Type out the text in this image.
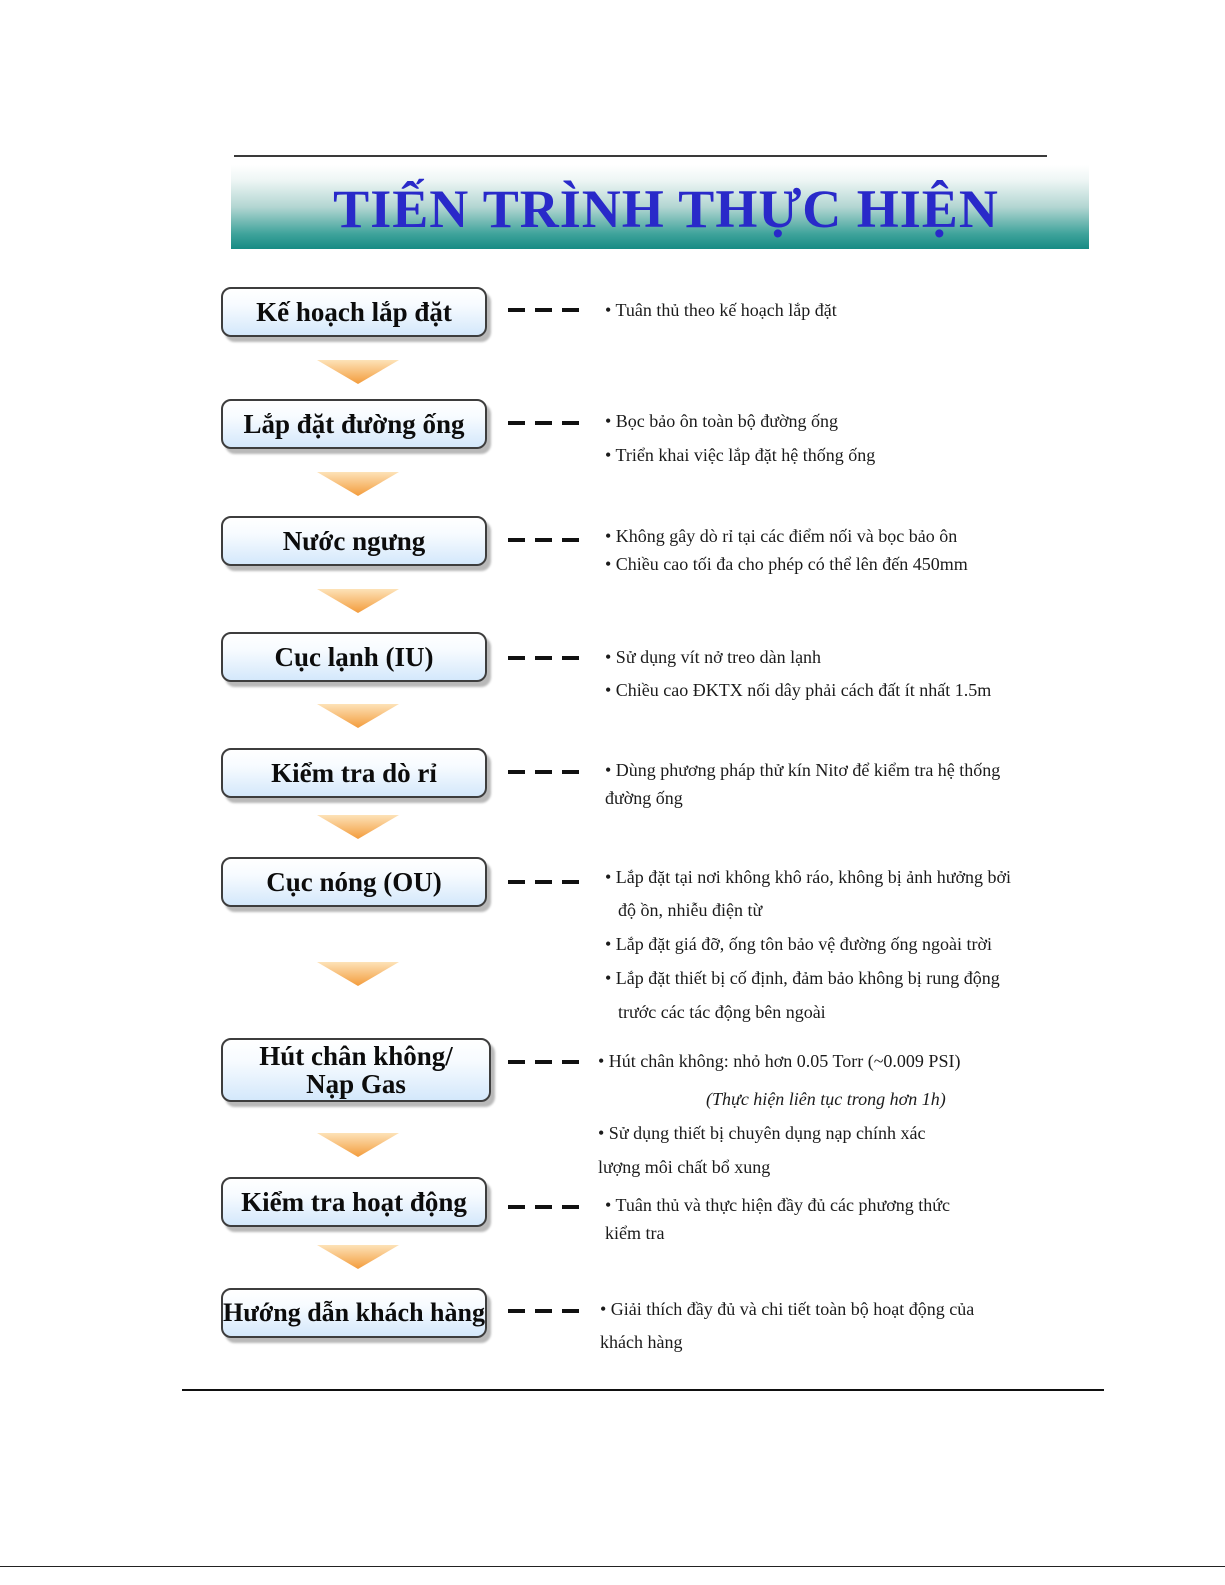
TIẾN TRÌNH THỰC HIỆN
Kế hoạch lắp đặt	• Tuân thủ theo kế hoạch lắp đặt

Lắp đặt đường ống	• Bọc bảo ôn toàn bộ đường ống

• Triển khai việc lắp đặt hệ thống ống

Nước ngưng	• Không gây dò rỉ tại các điểm nối và bọc bảo ôn

• Chiều cao tối đa cho phép có thể lên đến 450mm

Cục lạnh (IU)	• Sử dụng vít nở treo dàn lạnh

• Chiều cao ĐKTX nối dây phải cách đất ít nhất 1.5m

Kiểm tra dò rỉ	• Dùng phương pháp thử kín Nitơ để kiểm tra hệ thống

đường ống

Cục nóng (OU)	• Lắp đặt tại nơi không khô ráo, không bị ảnh hưởng bởi

độ ồn, nhiễu điện từ

• Lắp đặt giá đỡ, ống tôn bảo vệ đường ống ngoài trời

• Lắp đặt thiết bị cố định, đảm bảo không bị rung động

trước các tác động bên ngoài

Hút chân không/ Nạp Gas

• Hút chân không: nhỏ hơn 0.05 Torr (~0.009 PSI)

(Thực hiện liên tục trong hơn 1h)

• Sử dụng thiết bị chuyên dụng nạp chính xác

lượng môi chất bổ xung

Kiểm tra hoạt động	• Tuân thủ và thực hiện đầy đủ các phương thức

kiểm tra

Hướng dẫn khách hàng	• Giải thích đầy đủ và chi tiết toàn bộ hoạt động của

khách hàng
